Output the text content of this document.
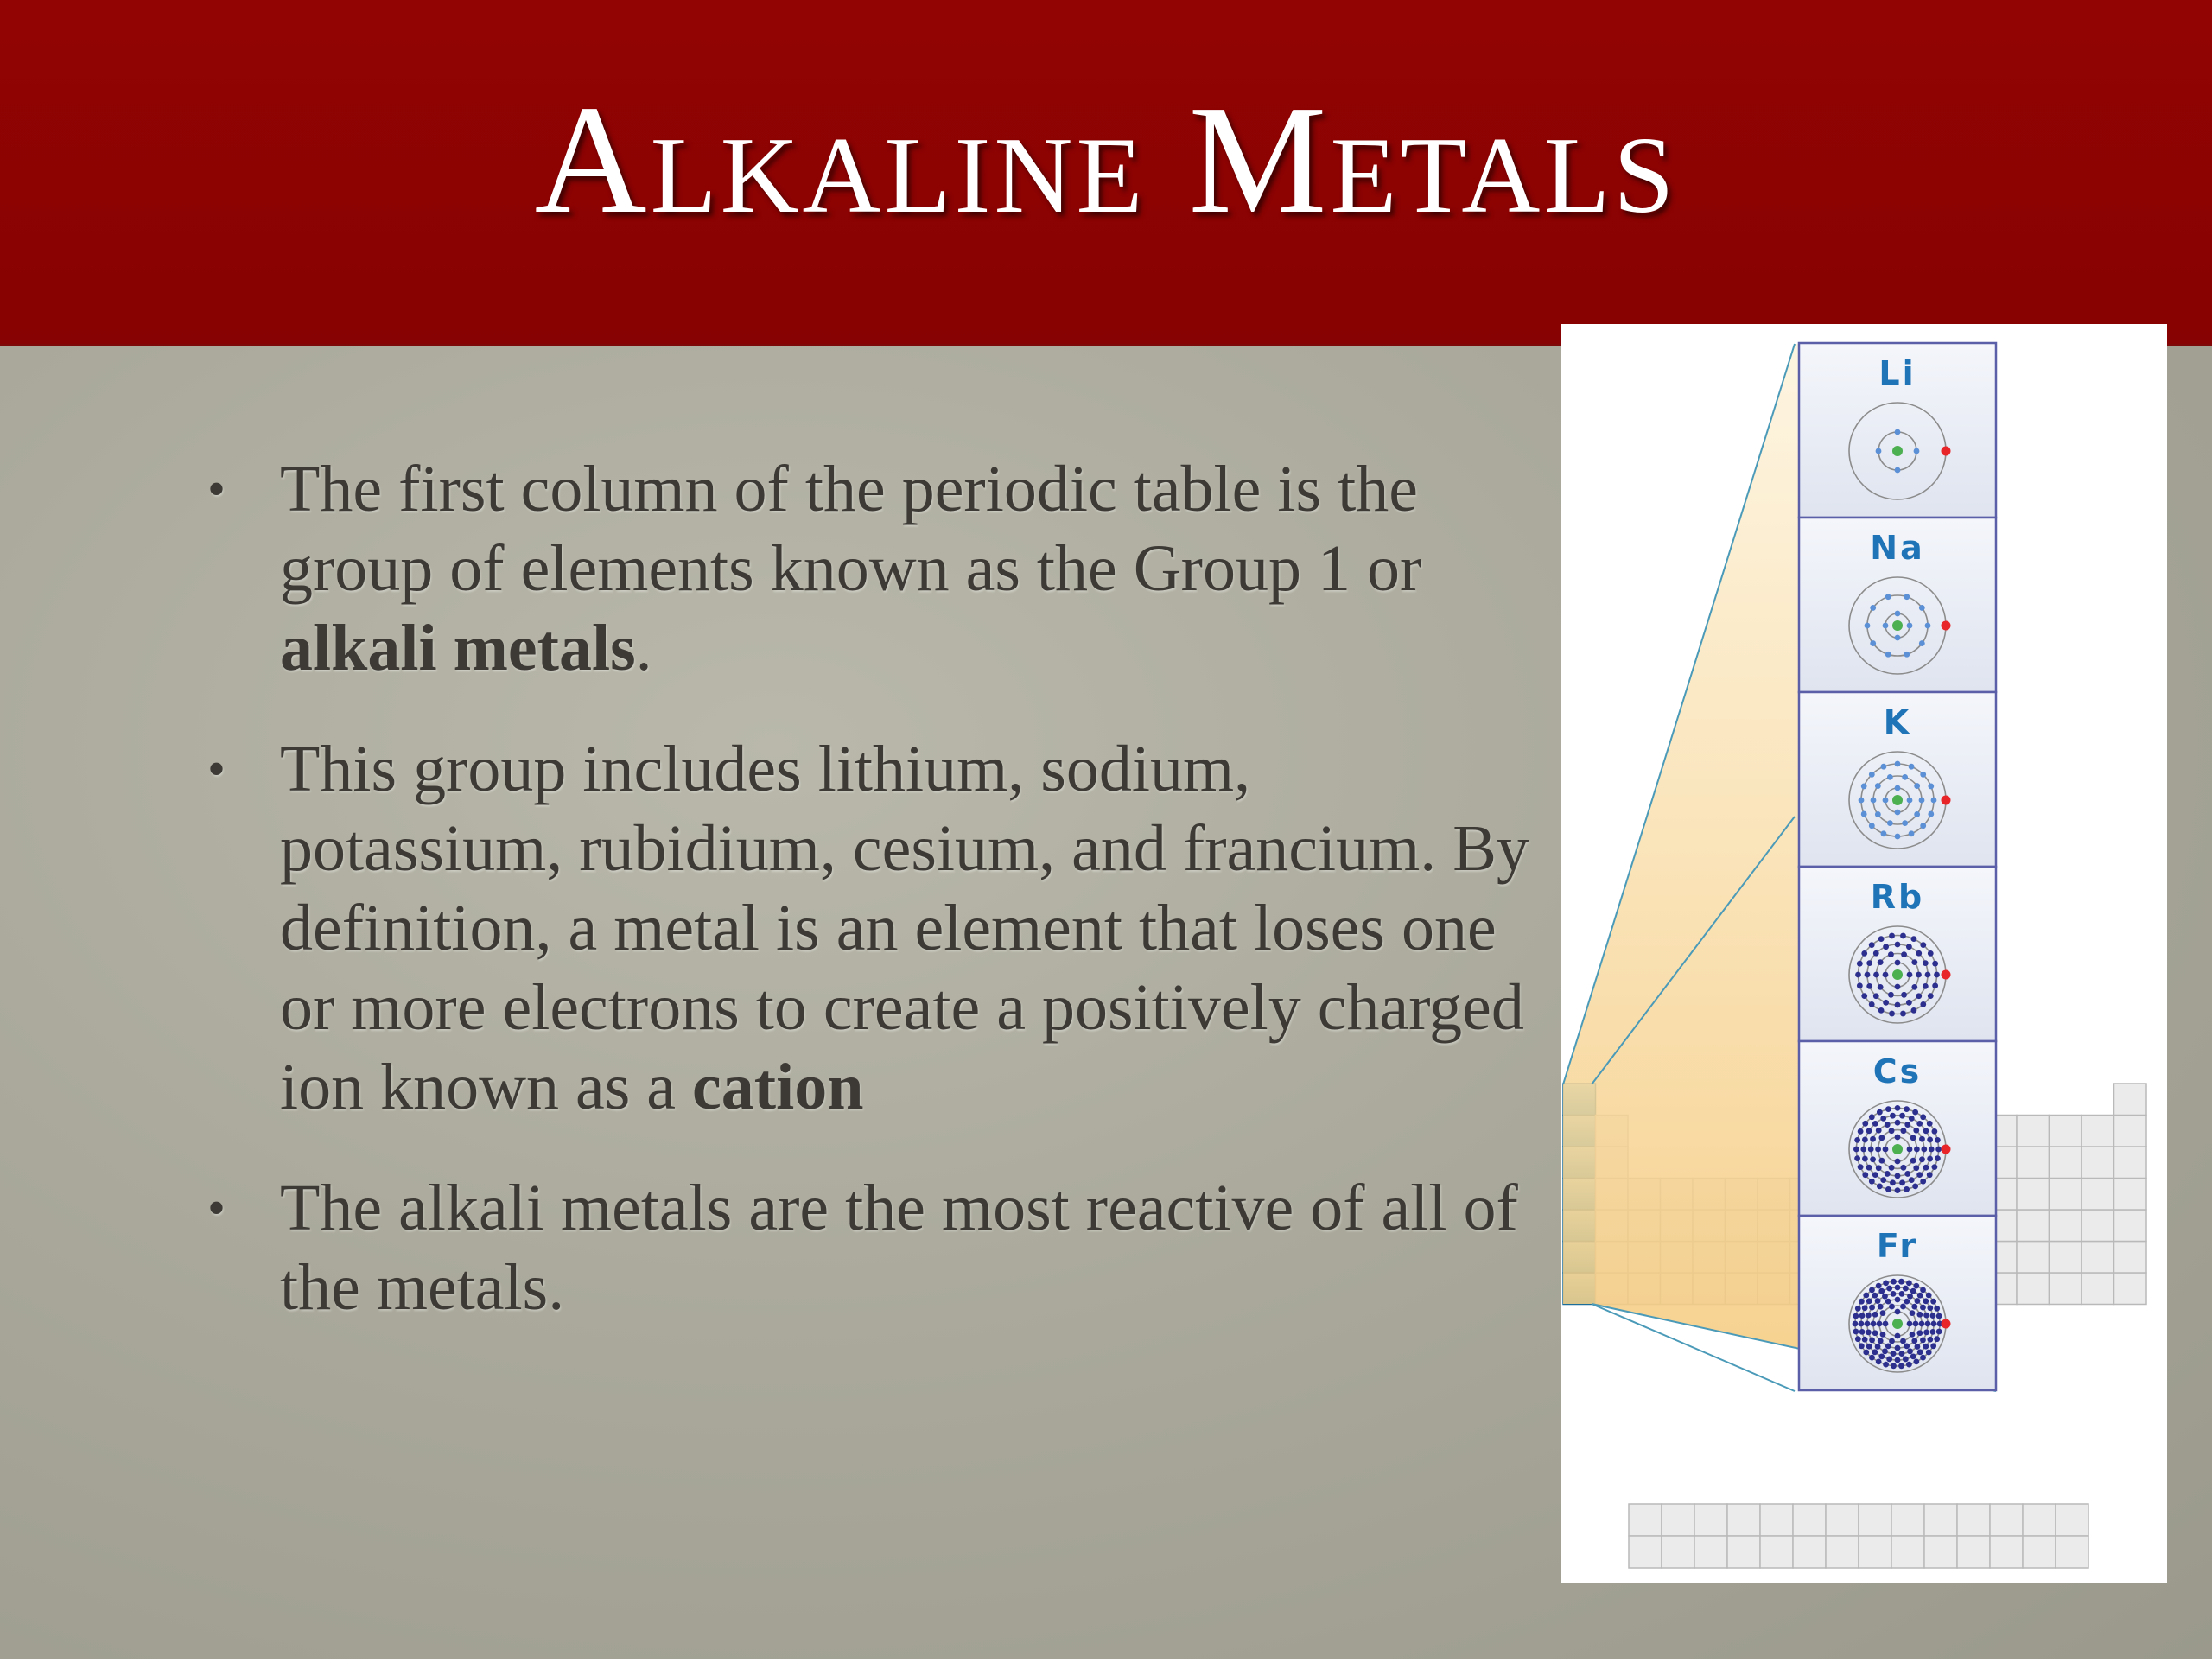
Alkaline Metals
• The first column of the periodic table is the group of elements known as the Group 1 or alkali metals.
• This group includes lithium, sodium, potassium, rubidium, cesium, and francium. By definition, a metal is an element that loses one or more electrons to create a positively charged ion known as a cation
• The alkali metals are the most reactive of all of the metals.
Li
Na
K
Rb
Cs
Fr
